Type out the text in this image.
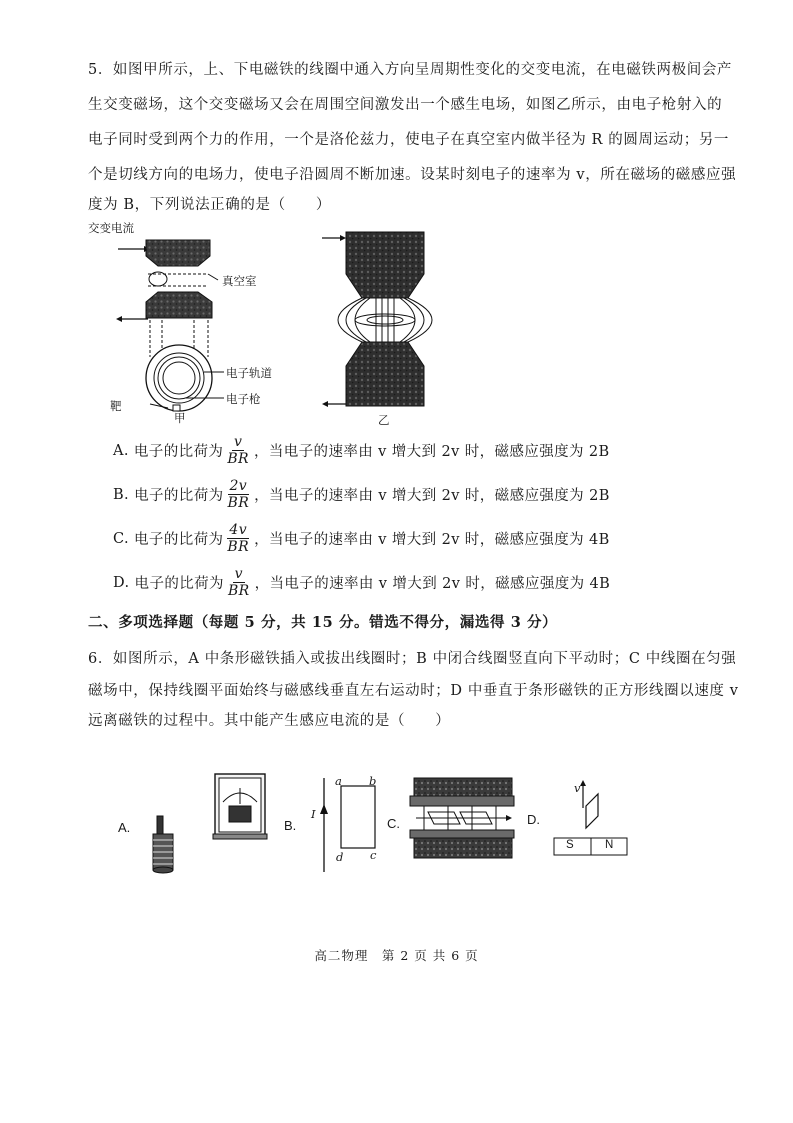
5．如图甲所示，上、下电磁铁的线圈中通入方向呈周期性变化的交变电流，在电磁铁两极间会产
生交变磁场，这个交变磁场又会在周围空间激发出一个感生电场，如图乙所示，由电子枪射入的
电子同时受到两个力的作用，一个是洛伦兹力，使电子在真空室内做半径为 R 的圆周运动；另一
个是切线方向的电场力，使电子沿圆周不断加速。设某时刻电子的速率为 v，所在磁场的磁感应强
度为 B，下列说法正确的是（　　）
交变电流
真空室
电子轨道
电子枪
靶
甲	乙
A.
电子的比荷为 $\frac{v}{BR}$ ，当电子的速率由 v 增大到 2v 时，磁感应强度为 2B
B.
电子的比荷为 $\frac{2v}{BR}$ ，当电子的速率由 v 增大到 2v 时，磁感应强度为 2B
C.
电子的比荷为 $\frac{4v}{BR}$ ，当电子的速率由 v 增大到 2v 时，磁感应强度为 4B
D.
电子的比荷为 $\frac{v}{BR}$ ，当电子的速率由 v 增大到 2v 时，磁感应强度为 4B
二、多项选择题（每题 5 分，共 15 分。错选不得分，漏选得 3 分）
6．如图所示，A 中条形磁铁插入或拔出线圈时；B 中闭合线圈竖直向下平动时；C 中线圈在匀强
磁场中，保持线圈平面始终与磁感线垂直左右运动时；D 中垂直于条形磁铁的正方形线圈以速度 v
远离磁铁的过程中。其中能产生感应电流的是（　　）
A.	B.
I
a b
c
d
C.	D.
v
S	N
高二物理　第 2 页 共 6 页
